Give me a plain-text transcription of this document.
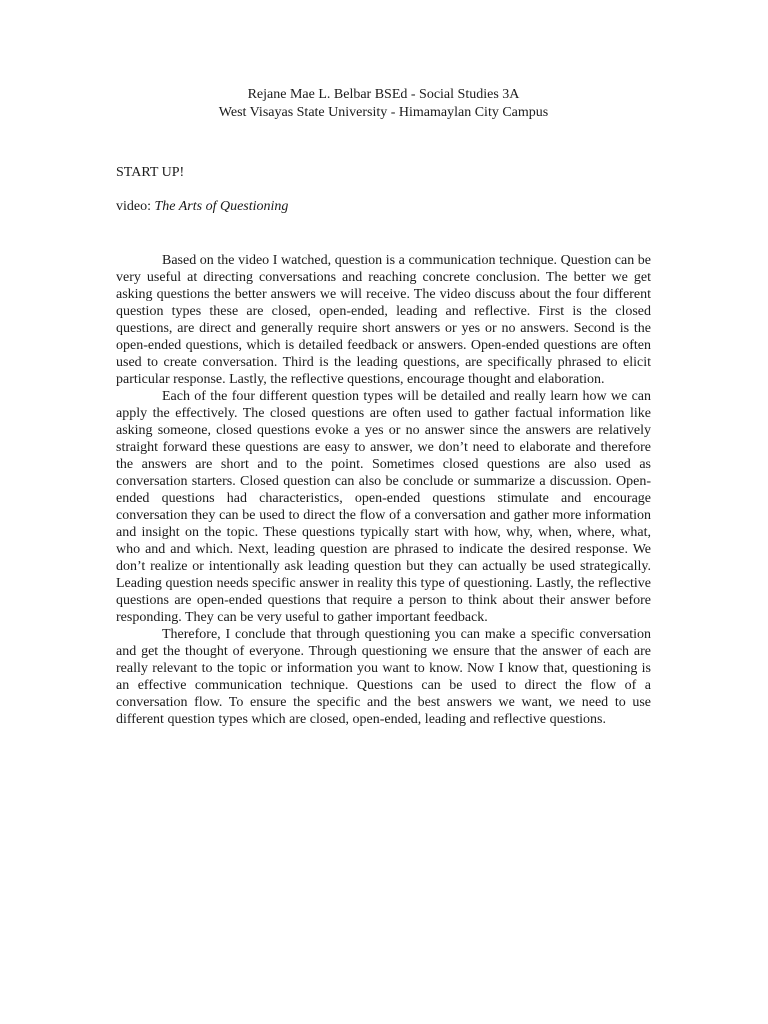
Rejane Mae L. Belbar BSEd - Social Studies 3A

West Visayas State University - Himamaylan City Campus

START UP!

video: The Arts of Questioning

Based on the video I watched, question is a communication technique. Question can be very useful at directing conversations and reaching concrete conclusion. The better we get asking questions the better answers we will receive. The video discuss about the four different question types these are closed, open-ended, leading and reflective. First is the closed questions, are direct and generally require short answers or yes or no answers. Second is the open-ended questions, which is detailed feedback or answers. Open-ended questions are often used to create conversation. Third is the leading questions, are specifically phrased to elicit particular response. Lastly, the reflective questions, encourage thought and elaboration.

Each of the four different question types will be detailed and really learn how we can apply the effectively. The closed questions are often used to gather factual information like asking someone, closed questions evoke a yes or no answer since the answers are relatively straight forward these questions are easy to answer, we don’t need to elaborate and therefore the answers are short and to the point. Sometimes closed questions are also used as conversation starters. Closed question can also be conclude or summarize a discussion. Open-ended questions had characteristics, open-ended questions stimulate and encourage conversation they can be used to direct the flow of a conversation and gather more information and insight on the topic. These questions typically start with how, why, when, where, what, who and and which. Next, leading question are phrased to indicate the desired response. We don’t realize or intentionally ask leading question but they can actually be used strategically. Leading question needs specific answer in reality this type of questioning. Lastly, the reflective questions are open-ended questions that require a person to think about their answer before responding. They can be very useful to gather important feedback.

Therefore, I conclude that through questioning you can make a specific conversation and get the thought of everyone. Through questioning we ensure that the answer of each are really relevant to the topic or information you want to know. Now I know that, questioning is an effective communication technique. Questions can be used to direct the flow of a conversation flow. To ensure the specific and the best answers we want, we need to use different question types which are closed, open-ended, leading and reflective questions.
